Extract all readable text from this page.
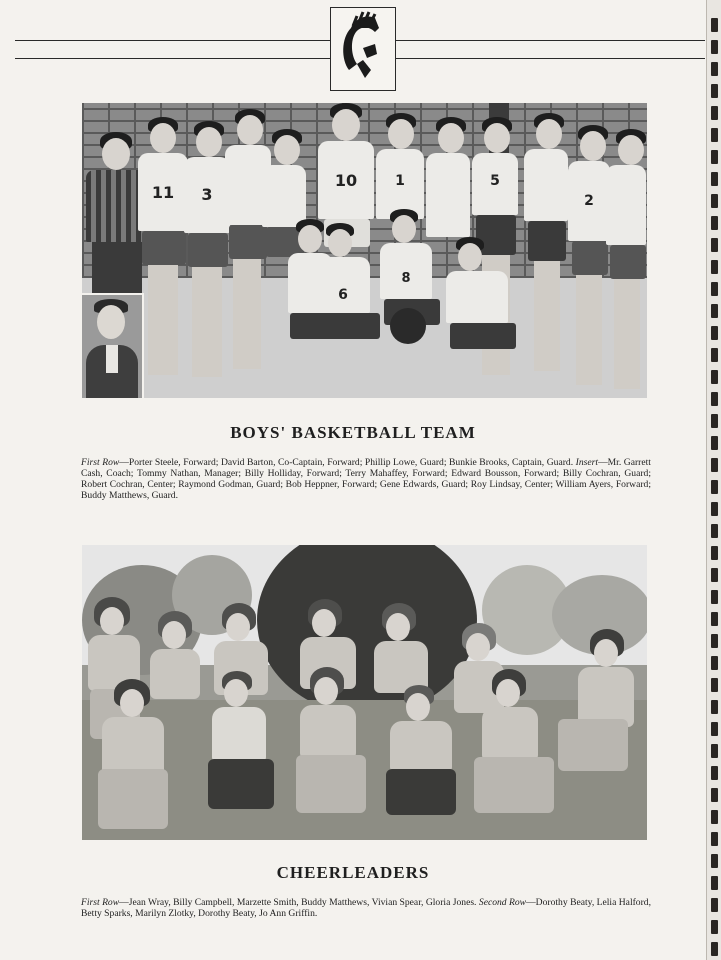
11	3
10	1	5
2
6
8
BOYS' BASKETBALL TEAM
First Row—Porter Steele, Forward; David Barton, Co-Captain, Forward; Phillip Lowe, Guard; Bunkie Brooks, Captain, Guard. Insert—Mr. Garrett Cash, Coach; Tommy Nathan, Manager; Billy Holliday, Forward; Terry Mahaffey, Forward; Edward Bousson, Forward; Billy Cochran, Guard; Robert Cochran, Center; Raymond Godman, Guard; Bob Heppner, Forward; Gene Edwards, Guard; Roy Lindsay, Center; William Ayers, Forward; Buddy Matthews, Guard.
CHEERLEADERS
First Row—Jean Wray, Billy Campbell, Marzette Smith, Buddy Matthews, Vivian Spear, Gloria Jones. Second Row—Dorothy Beaty, Lelia Halford, Betty Sparks, Marilyn Zlotky, Dorothy Beaty, Jo Ann Griffin.
